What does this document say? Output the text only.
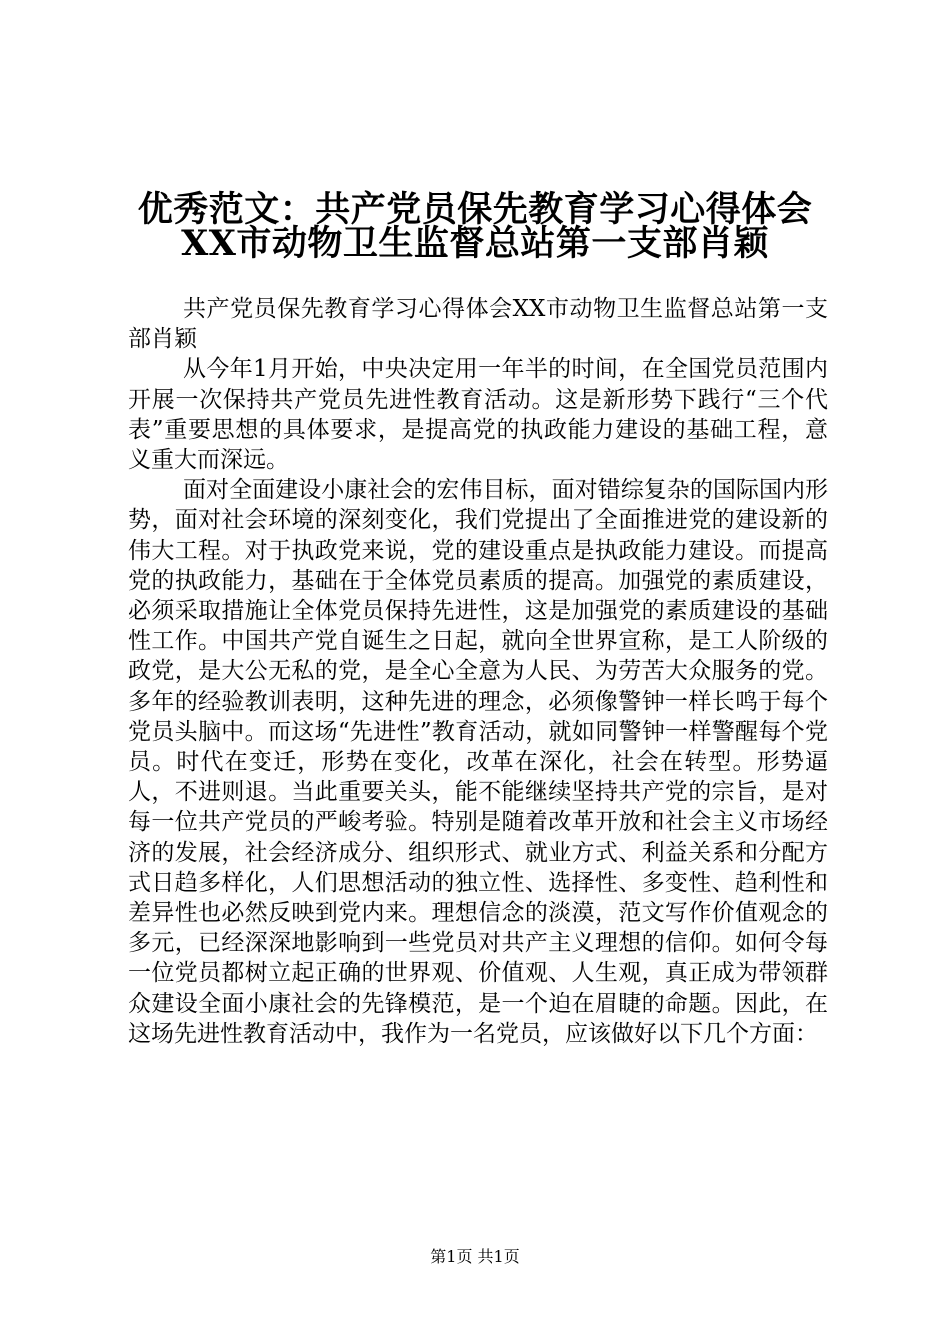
优秀范文：共产党员保先教育学习心得体会
XX市动物卫生监督总站第一支部肖颖

共产党员保先教育学习心得体会XX市动物卫生监督总站第一支部肖颖

从今年1月开始，中央决定用一年半的时间，在全国党员范围内开展一次保持共产党员先进性教育活动。这是新形势下践行“三个代表”重要思想的具体要求，是提高党的执政能力建设的基础工程，意义重大而深远。

面对全面建设小康社会的宏伟目标，面对错综复杂的国际国内形势，面对社会环境的深刻变化，我们党提出了全面推进党的建设新的伟大工程。对于执政党来说，党的建设重点是执政能力建设。而提高党的执政能力，基础在于全体党员素质的提高。加强党的素质建设，必须采取措施让全体党员保持先进性，这是加强党的素质建设的基础性工作。中国共产党自诞生之日起，就向全世界宣称，是工人阶级的政党，是大公无私的党，是全心全意为人民、为劳苦大众服务的党。多年的经验教训表明，这种先进的理念，必须像警钟一样长鸣于每个党员头脑中。而这场“先进性”教育活动，就如同警钟一样警醒每个党员。时代在变迁，形势在变化，改革在深化，社会在转型。形势逼人，不进则退。当此重要关头，能不能继续坚持共产党的宗旨，是对每一位共产党员的严峻考验。特别是随着改革开放和社会主义市场经济的发展，社会经济成分、组织形式、就业方式、利益关系和分配方式日趋多样化，人们思想活动的独立性、选择性、多变性、趋利性和差异性也必然反映到党内来。理想信念的淡漠，范文写作价值观念的多元，已经深深地影响到一些党员对共产主义理想的信仰。如何令每一位党员都树立起正确的世界观、价值观、人生观，真正成为带领群众建设全面小康社会的先锋模范，是一个迫在眉睫的命题。因此，在这场先进性教育活动中，我作为一名党员，应该做好以下几个方面：

第1页 共1页
